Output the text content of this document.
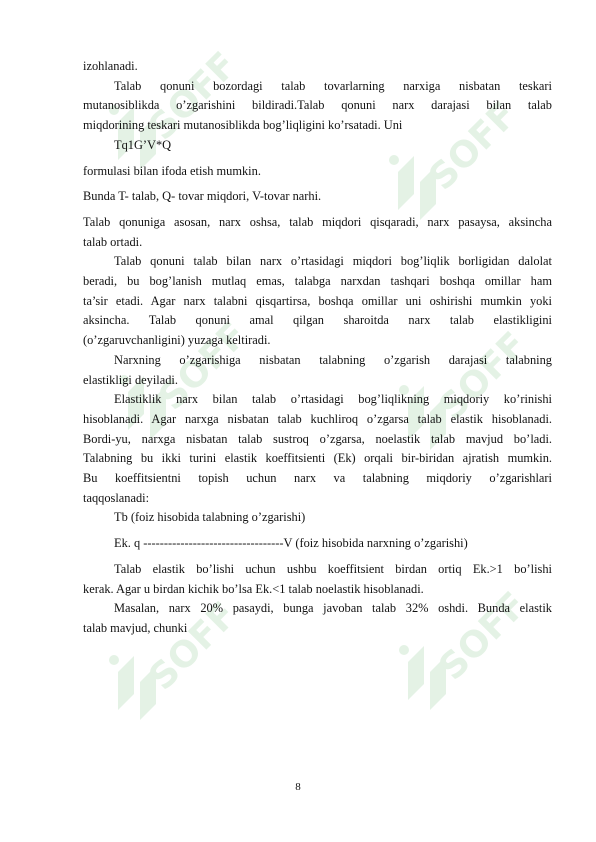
izohlanadi.

Talab qonuni bozordagi talab tovarlarning narxiga nisbatan teskari

mutanosiblikda o’zgarishini bildiradi.Talab qonuni narx darajasi bilan talab

miqdorining teskari mutanosiblikda bog’liqligini ko’rsatadi. Uni

Tq1G’V*Q

formulasi bilan ifoda etish mumkin.

Bunda T- talab, Q- tovar miqdori, V-tovar narhi.

Talab qonuniga asosan, narx oshsa, talab miqdori qisqaradi, narx pasaysa, aksincha

talab ortadi.

Talab qonuni talab bilan narx o’rtasidagi miqdori bog’liqlik borligidan dalolat

beradi, bu bog’lanish mutlaq emas, talabga narxdan tashqari boshqa omillar ham

ta’sir etadi. Agar narx talabni qisqartirsa, boshqa omillar uni oshirishi mumkin yoki

aksincha. Talab qonuni amal qilgan sharoitda narx talab elastikligini

(o’zgaruvchanligini) yuzaga keltiradi.

Narxning o’zgarishiga nisbatan talabning o’zgarish darajasi talabning

elastikligi deyiladi.

Elastiklik narx bilan talab o’rtasidagi bog’liqlikning miqdoriy ko’rinishi

hisoblanadi. Agar narxga nisbatan talab kuchliroq o’zgarsa talab elastik hisoblanadi.

Bordi-yu, narxga nisbatan talab sustroq o’zgarsa, noelastik talab mavjud bo’ladi.

Talabning bu ikki turini elastik koeffitsienti (Ek) orqali bir-biridan ajratish mumkin.

Bu koeffitsientni topish uchun narx va talabning miqdoriy o’zgarishlari

taqqoslanadi:

Tb (foiz hisobida talabning o’zgarishi)

Ek. q ----------------------------------V (foiz hisobida narxning o’zgarishi)

Talab elastik bo’lishi uchun ushbu koeffitsient birdan ortiq Ek.>1 bo’lishi

kerak. Agar u birdan kichik bo’lsa Ek.<1 talab noelastik hisoblanadi.

Masalan, narx 20% pasaydi, bunga javoban talab 32% oshdi. Bunda elastik

talab mavjud, chunki

8
